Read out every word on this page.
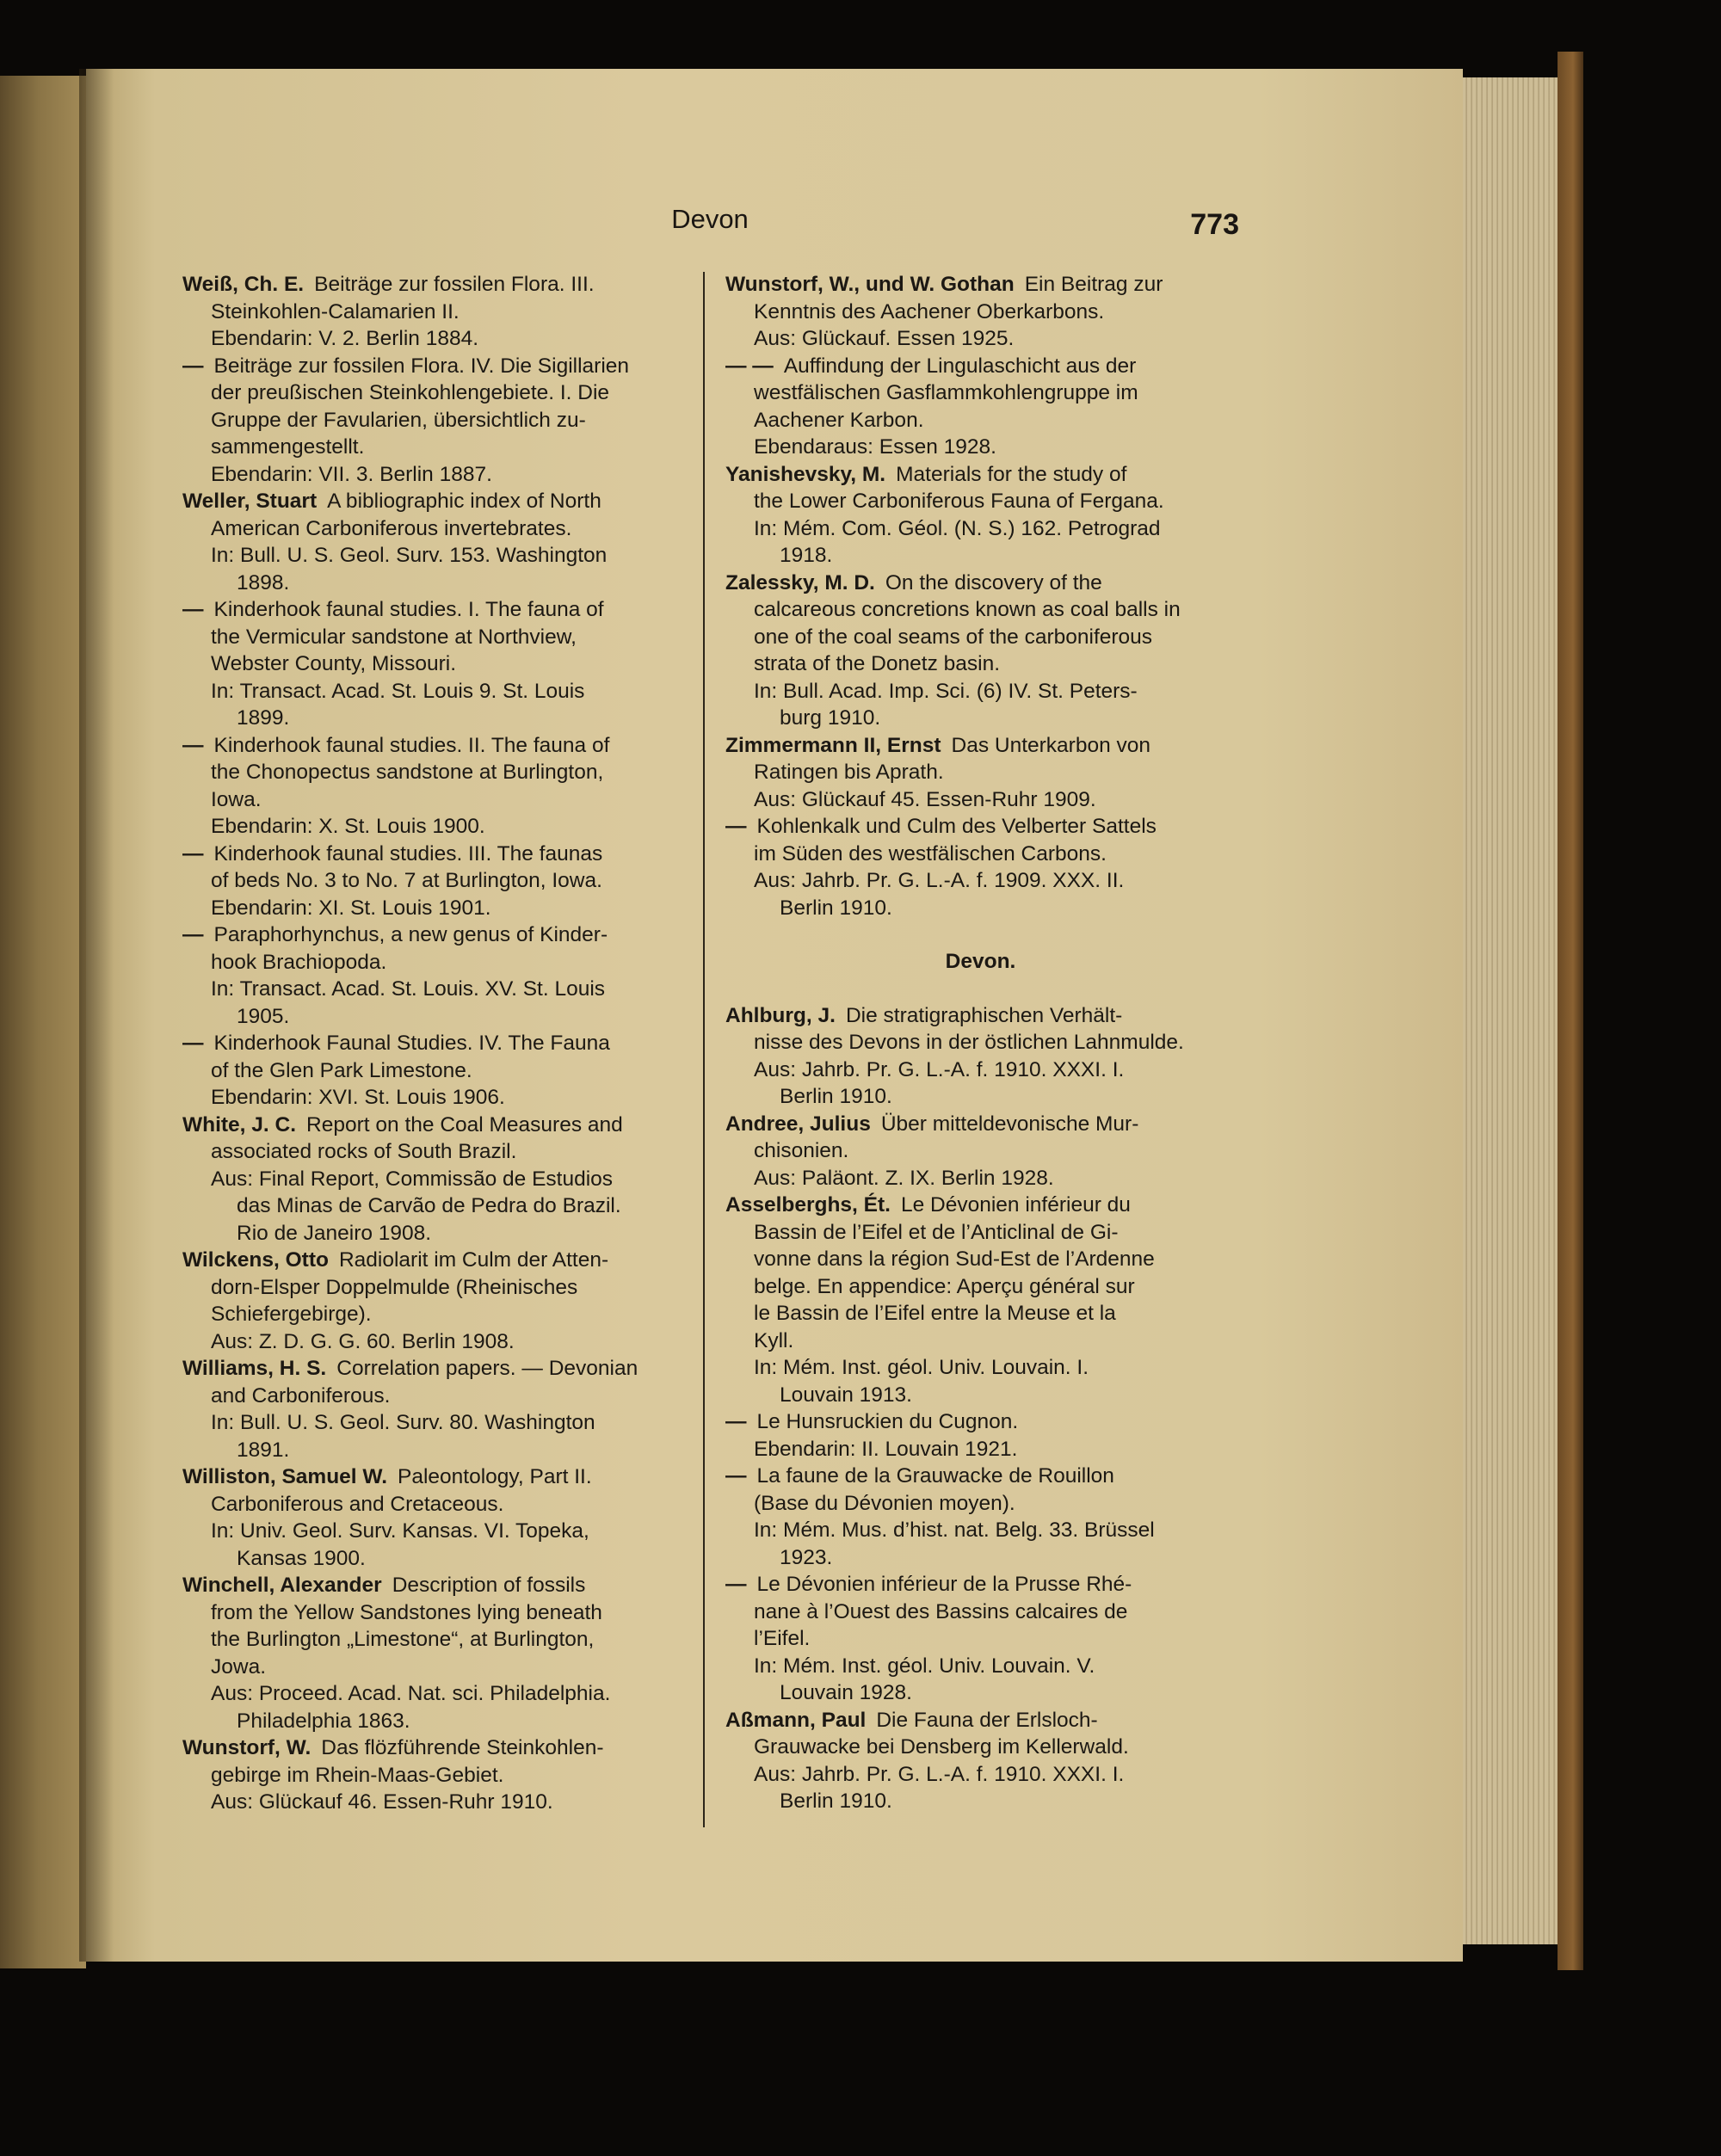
Devon	773
Weiß, Ch. E. Beiträge zur fossilen Flora. III.
Steinkohlen-Calamarien II.
Ebendarin: V. 2. Berlin 1884.
— Beiträge zur fossilen Flora. IV. Die Sigillarien
der preußischen Steinkohlengebiete. I. Die
Gruppe der Favularien, übersichtlich zu-
sammengestellt.
Ebendarin: VII. 3. Berlin 1887.
Weller, Stuart A bibliographic index of North
American Carboniferous invertebrates.
In: Bull. U. S. Geol. Surv. 153. Washington
1898.
— Kinderhook faunal studies. I. The fauna of
the Vermicular sandstone at Northview,
Webster County, Missouri.
In: Transact. Acad. St. Louis 9. St. Louis
1899.
— Kinderhook faunal studies. II. The fauna of
the Chonopectus sandstone at Burlington,
Iowa.
Ebendarin: X. St. Louis 1900.
— Kinderhook faunal studies. III. The faunas
of beds No. 3 to No. 7 at Burlington, Iowa.
Ebendarin: XI. St. Louis 1901.
— Paraphorhynchus, a new genus of Kinder-
hook Brachiopoda.
In: Transact. Acad. St. Louis. XV. St. Louis
1905.
— Kinderhook Faunal Studies. IV. The Fauna
of the Glen Park Limestone.
Ebendarin: XVI. St. Louis 1906.
White, J. C. Report on the Coal Measures and
associated rocks of South Brazil.
Aus: Final Report, Commissão de Estudios
das Minas de Carvão de Pedra do Brazil.
Rio de Janeiro 1908.
Wilckens, Otto Radiolarit im Culm der Atten-
dorn-Elsper Doppelmulde (Rheinisches
Schiefergebirge).
Aus: Z. D. G. G. 60. Berlin 1908.
Williams, H. S. Correlation papers. — Devonian
and Carboniferous.
In: Bull. U. S. Geol. Surv. 80. Washington
1891.
Williston, Samuel W. Paleontology, Part II.
Carboniferous and Cretaceous.
In: Univ. Geol. Surv. Kansas. VI. Topeka,
Kansas 1900.
Winchell, Alexander Description of fossils
from the Yellow Sandstones lying beneath
the Burlington „Limestone“, at Burlington,
Jowa.
Aus: Proceed. Acad. Nat. sci. Philadelphia.
Philadelphia 1863.
Wunstorf, W. Das flözführende Steinkohlen-
gebirge im Rhein-Maas-Gebiet.
Aus: Glückauf 46. Essen-Ruhr 1910.
Wunstorf, W., und W. Gothan Ein Beitrag zur
Kenntnis des Aachener Oberkarbons.
Aus: Glückauf. Essen 1925.
— — Auffindung der Lingulaschicht aus der
westfälischen Gasflammkohlengruppe im
Aachener Karbon.
Ebendaraus: Essen 1928.
Yanishevsky, M. Materials for the study of
the Lower Carboniferous Fauna of Fergana.
In: Mém. Com. Géol. (N. S.) 162. Petrograd
1918.
Zalessky, M. D. On the discovery of the
calcareous concretions known as coal balls in
one of the coal seams of the carboniferous
strata of the Donetz basin.
In: Bull. Acad. Imp. Sci. (6) IV. St. Peters-
burg 1910.
Zimmermann II, Ernst Das Unterkarbon von
Ratingen bis Aprath.
Aus: Glückauf 45. Essen-Ruhr 1909.
— Kohlenkalk und Culm des Velberter Sattels
im Süden des westfälischen Carbons.
Aus: Jahrb. Pr. G. L.-A. f. 1909. XXX. II.
Berlin 1910.
Devon.
Ahlburg, J. Die stratigraphischen Verhält-
nisse des Devons in der östlichen Lahnmulde.
Aus: Jahrb. Pr. G. L.-A. f. 1910. XXXI. I.
Berlin 1910.
Andree, Julius Über mitteldevonische Mur-
chisonien.
Aus: Paläont. Z. IX. Berlin 1928.
Asselberghs, Ét. Le Dévonien inférieur du
Bassin de l’Eifel et de l’Anticlinal de Gi-
vonne dans la région Sud-Est de l’Ardenne
belge. En appendice: Aperçu général sur
le Bassin de l’Eifel entre la Meuse et la
Kyll.
In: Mém. Inst. géol. Univ. Louvain. I.
Louvain 1913.
— Le Hunsruckien du Cugnon.
Ebendarin: II. Louvain 1921.
— La faune de la Grauwacke de Rouillon
(Base du Dévonien moyen).
In: Mém. Mus. d’hist. nat. Belg. 33. Brüssel
1923.
— Le Dévonien inférieur de la Prusse Rhé-
nane à l’Ouest des Bassins calcaires de
l’Eifel.
In: Mém. Inst. géol. Univ. Louvain. V.
Louvain 1928.
Aßmann, Paul Die Fauna der Erlsloch-
Grauwacke bei Densberg im Kellerwald.
Aus: Jahrb. Pr. G. L.-A. f. 1910. XXXI. I.
Berlin 1910.
